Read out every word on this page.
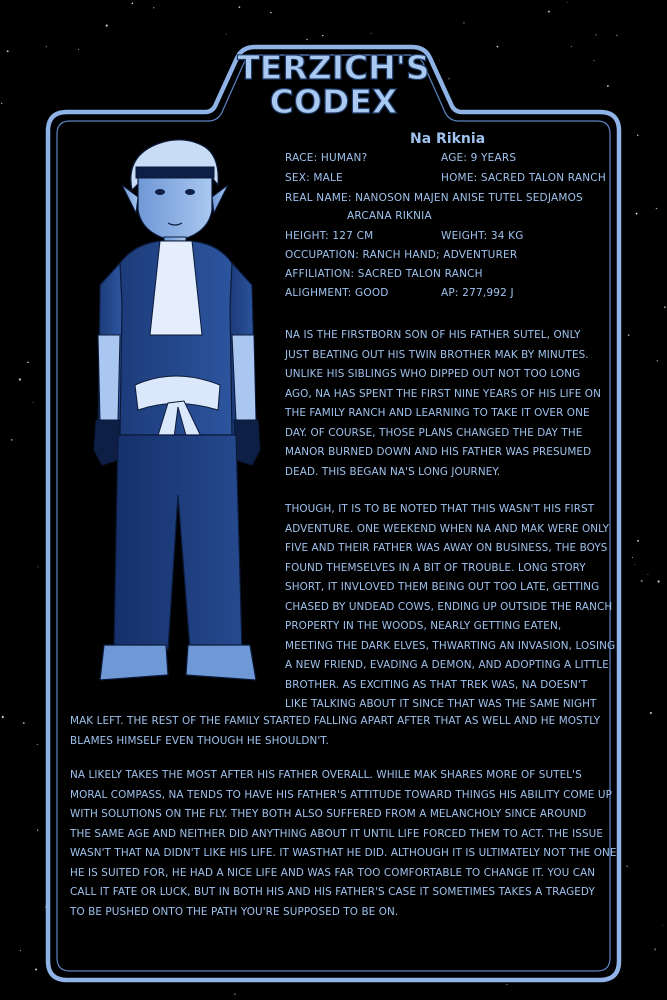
TERZICH'S
CODEX
Na Riknia
RACE: HUMAN?	AGE: 9 YEARS
SEX: MALE	HOME: SACRED TALON RANCH
REAL NAME: NANOSON MAJEN ANISE TUTEL SEDJAMOS
ARCANA RIKNIA
HEIGHT: 127 CM	WEIGHT: 34 KG
OCCUPATION: RANCH HAND; ADVENTURER
AFFILIATION: SACRED TALON RANCH
ALIGHMENT: GOOD	AP: 277,992 J
NA IS THE FIRSTBORN SON OF HIS FATHER SUTEL, ONLY
JUST BEATING OUT HIS TWIN BROTHER MAK BY MINUTES.
UNLIKE HIS SIBLINGS WHO DIPPED OUT NOT TOO LONG
AGO, NA HAS SPENT THE FIRST NINE YEARS OF HIS LIFE ON
THE FAMILY RANCH AND LEARNING TO TAKE IT OVER ONE
DAY. OF COURSE, THOSE PLANS CHANGED THE DAY THE
MANOR BURNED DOWN AND HIS FATHER WAS PRESUMED
DEAD. THIS BEGAN NA'S LONG JOURNEY.
THOUGH, IT IS TO BE NOTED THAT THIS WASN'T HIS FIRST
ADVENTURE. ONE WEEKEND WHEN NA AND MAK WERE ONLY
FIVE AND THEIR FATHER WAS AWAY ON BUSINESS, THE BOYS
FOUND THEMSELVES IN A BIT OF TROUBLE. LONG STORY
SHORT, IT INVLOVED THEM BEING OUT TOO LATE, GETTING
CHASED BY UNDEAD COWS, ENDING UP OUTSIDE THE RANCH
PROPERTY IN THE WOODS, NEARLY GETTING EATEN,
MEETING THE DARK ELVES, THWARTING AN INVASION, LOSING
A NEW FRIEND, EVADING A DEMON, AND ADOPTING A LITTLE
BROTHER. AS EXCITING AS THAT TREK WAS, NA DOESN'T
LIKE TALKING ABOUT IT SINCE THAT WAS THE SAME NIGHT
MAK LEFT. THE REST OF THE FAMILY STARTED FALLING APART AFTER THAT AS WELL AND HE MOSTLY
BLAMES HIMSELF EVEN THOUGH HE SHOULDN'T.
NA LIKELY TAKES THE MOST AFTER HIS FATHER OVERALL. WHILE MAK SHARES MORE OF SUTEL'S
MORAL COMPASS, NA TENDS TO HAVE HIS FATHER'S ATTITUDE TOWARD THINGS HIS ABILITY COME UP
WITH SOLUTIONS ON THE FLY. THEY BOTH ALSO SUFFERED FROM A MELANCHOLY SINCE AROUND
THE SAME AGE AND NEITHER DID ANYTHING ABOUT IT UNTIL LIFE FORCED THEM TO ACT. THE ISSUE
WASN'T THAT NA DIDN'T LIKE HIS LIFE. IT WASTHAT HE DID. ALTHOUGH IT IS ULTIMATELY NOT THE ONE
HE IS SUITED FOR, HE HAD A NICE LIFE AND WAS FAR TOO COMFORTABLE TO CHANGE IT. YOU CAN
CALL IT FATE OR LUCK, BUT IN BOTH HIS AND HIS FATHER'S CASE IT SOMETIMES TAKES A TRAGEDY
TO BE PUSHED ONTO THE PATH YOU'RE SUPPOSED TO BE ON.
